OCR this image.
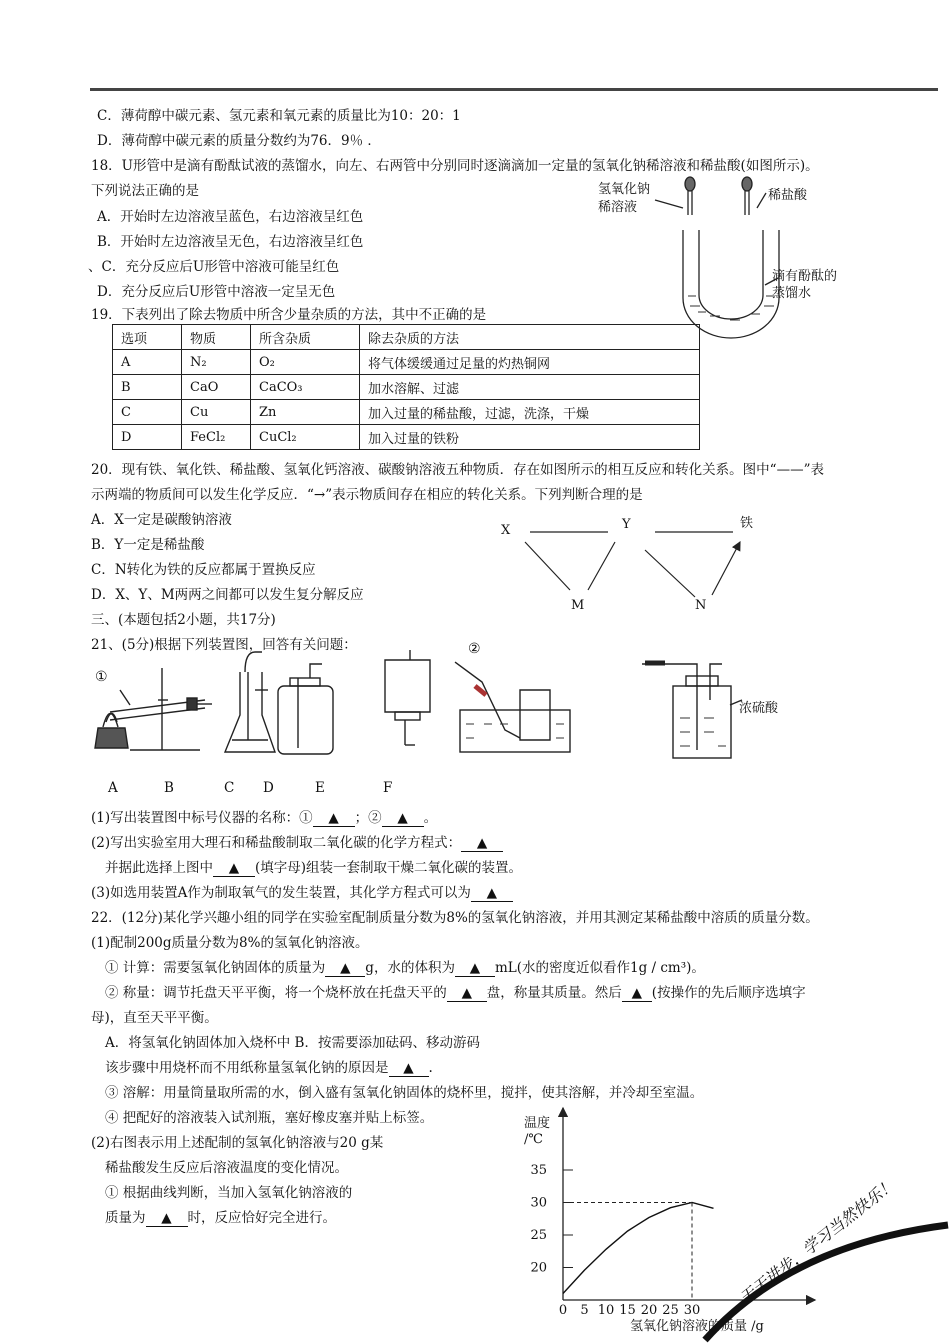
C．薄荷醇中碳元素、氢元素和氧元素的质量比为10：20：1
D．薄荷醇中碳元素的质量分数约为76．9％ ．
18．U形管中是滴有酚酞试液的蒸馏水，向左、右两管中分别同时逐滴滴加一定量的氢氧化钠稀溶液和稀盐酸(如图所示)。
下列说法正确的是
A．开始时左边溶液呈蓝色，右边溶液呈红色
B．开始时左边溶液呈无色，右边溶液呈红色
、C．充分反应后U形管中溶液可能呈红色
D．充分反应后U形管中溶液一定呈无色
氢氧化钠
稀溶液
稀盐酸
滴有酚酞的
蒸馏水
19．下表列出了除去物质中所含少量杂质的方法，其中不正确的是
选项	物质	所含杂质	除去杂质的方法
A	N₂	O₂	将气体缓缓通过足量的灼热铜网
B	CaO	CaCO₃	加水溶解、过滤
C	Cu	Zn	加入过量的稀盐酸，过滤，洗涤，干燥
D	FeCl₂	CuCl₂	加入过量的铁粉
20．现有铁、氧化铁、稀盐酸、氢氧化钙溶液、碳酸钠溶液五种物质．存在如图所示的相互反应和转化关系。图中“——”表
示两端的物质间可以发生化学反应．“→”表示物质间存在相应的转化关系。下列判断合理的是
A．X一定是碳酸钠溶液
B．Y一定是稀盐酸
C．N转化为铁的反应都属于置换反应
D．X、Y、M两两之间都可以发生复分解反应
X	Y	铁
M	N
三、(本题包括2小题，共17分)
21、(5分)根据下列装置图，回答有关问题：
①
②
浓硫酸
A	B	C D	E	F
(1)写出装置图中标号仪器的名称：① ▲ ；② ▲ 。
(2)写出实验室用大理石和稀盐酸制取二氧化碳的化学方程式： ▲
并据此选择上图中 ▲ (填字母)组装一套制取干燥二氧化碳的装置。
(3)如选用装置A作为制取氧气的发生装置，其化学方程式可以为 ▲
22．(12分)某化学兴趣小组的同学在实验室配制质量分数为8%的氢氧化钠溶液，并用其测定某稀盐酸中溶质的质量分数。
(1)配制200g质量分数为8%的氢氧化钠溶液。
① 计算：需要氢氧化钠固体的质量为 ▲ g，水的体积为 ▲ mL(水的密度近似看作1g / cm³)。
② 称量：调节托盘天平平衡，将一个烧杯放在托盘天平的 ▲ 盘，称量其质量。然后 ▲ (按操作的先后顺序选填字
母)，直至天平平衡。
A．将氢氧化钠固体加入烧杯中 B．按需要添加砝码、移动游码
该步骤中用烧杯而不用纸称量氢氧化钠的原因是 ▲ .
③ 溶解：用量筒量取所需的水，倒入盛有氢氧化钠固体的烧杯里，搅拌，使其溶解，并冷却至室温。
④ 把配好的溶液装入试剂瓶，塞好橡皮塞并贴上标签。
(2)右图表示用上述配制的氢氧化钠溶液与20 g某
稀盐酸发生反应后溶液温度的变化情况。
① 根据曲线判断，当加入氢氧化钠溶液的
质量为 ▲ 时，反应恰好完全进行。
温度
氢氧化钠溶液的质量 /g
/℃
20
25
30
35
0 5 10 15 20 25 30
天天进步，学习当然快乐！
